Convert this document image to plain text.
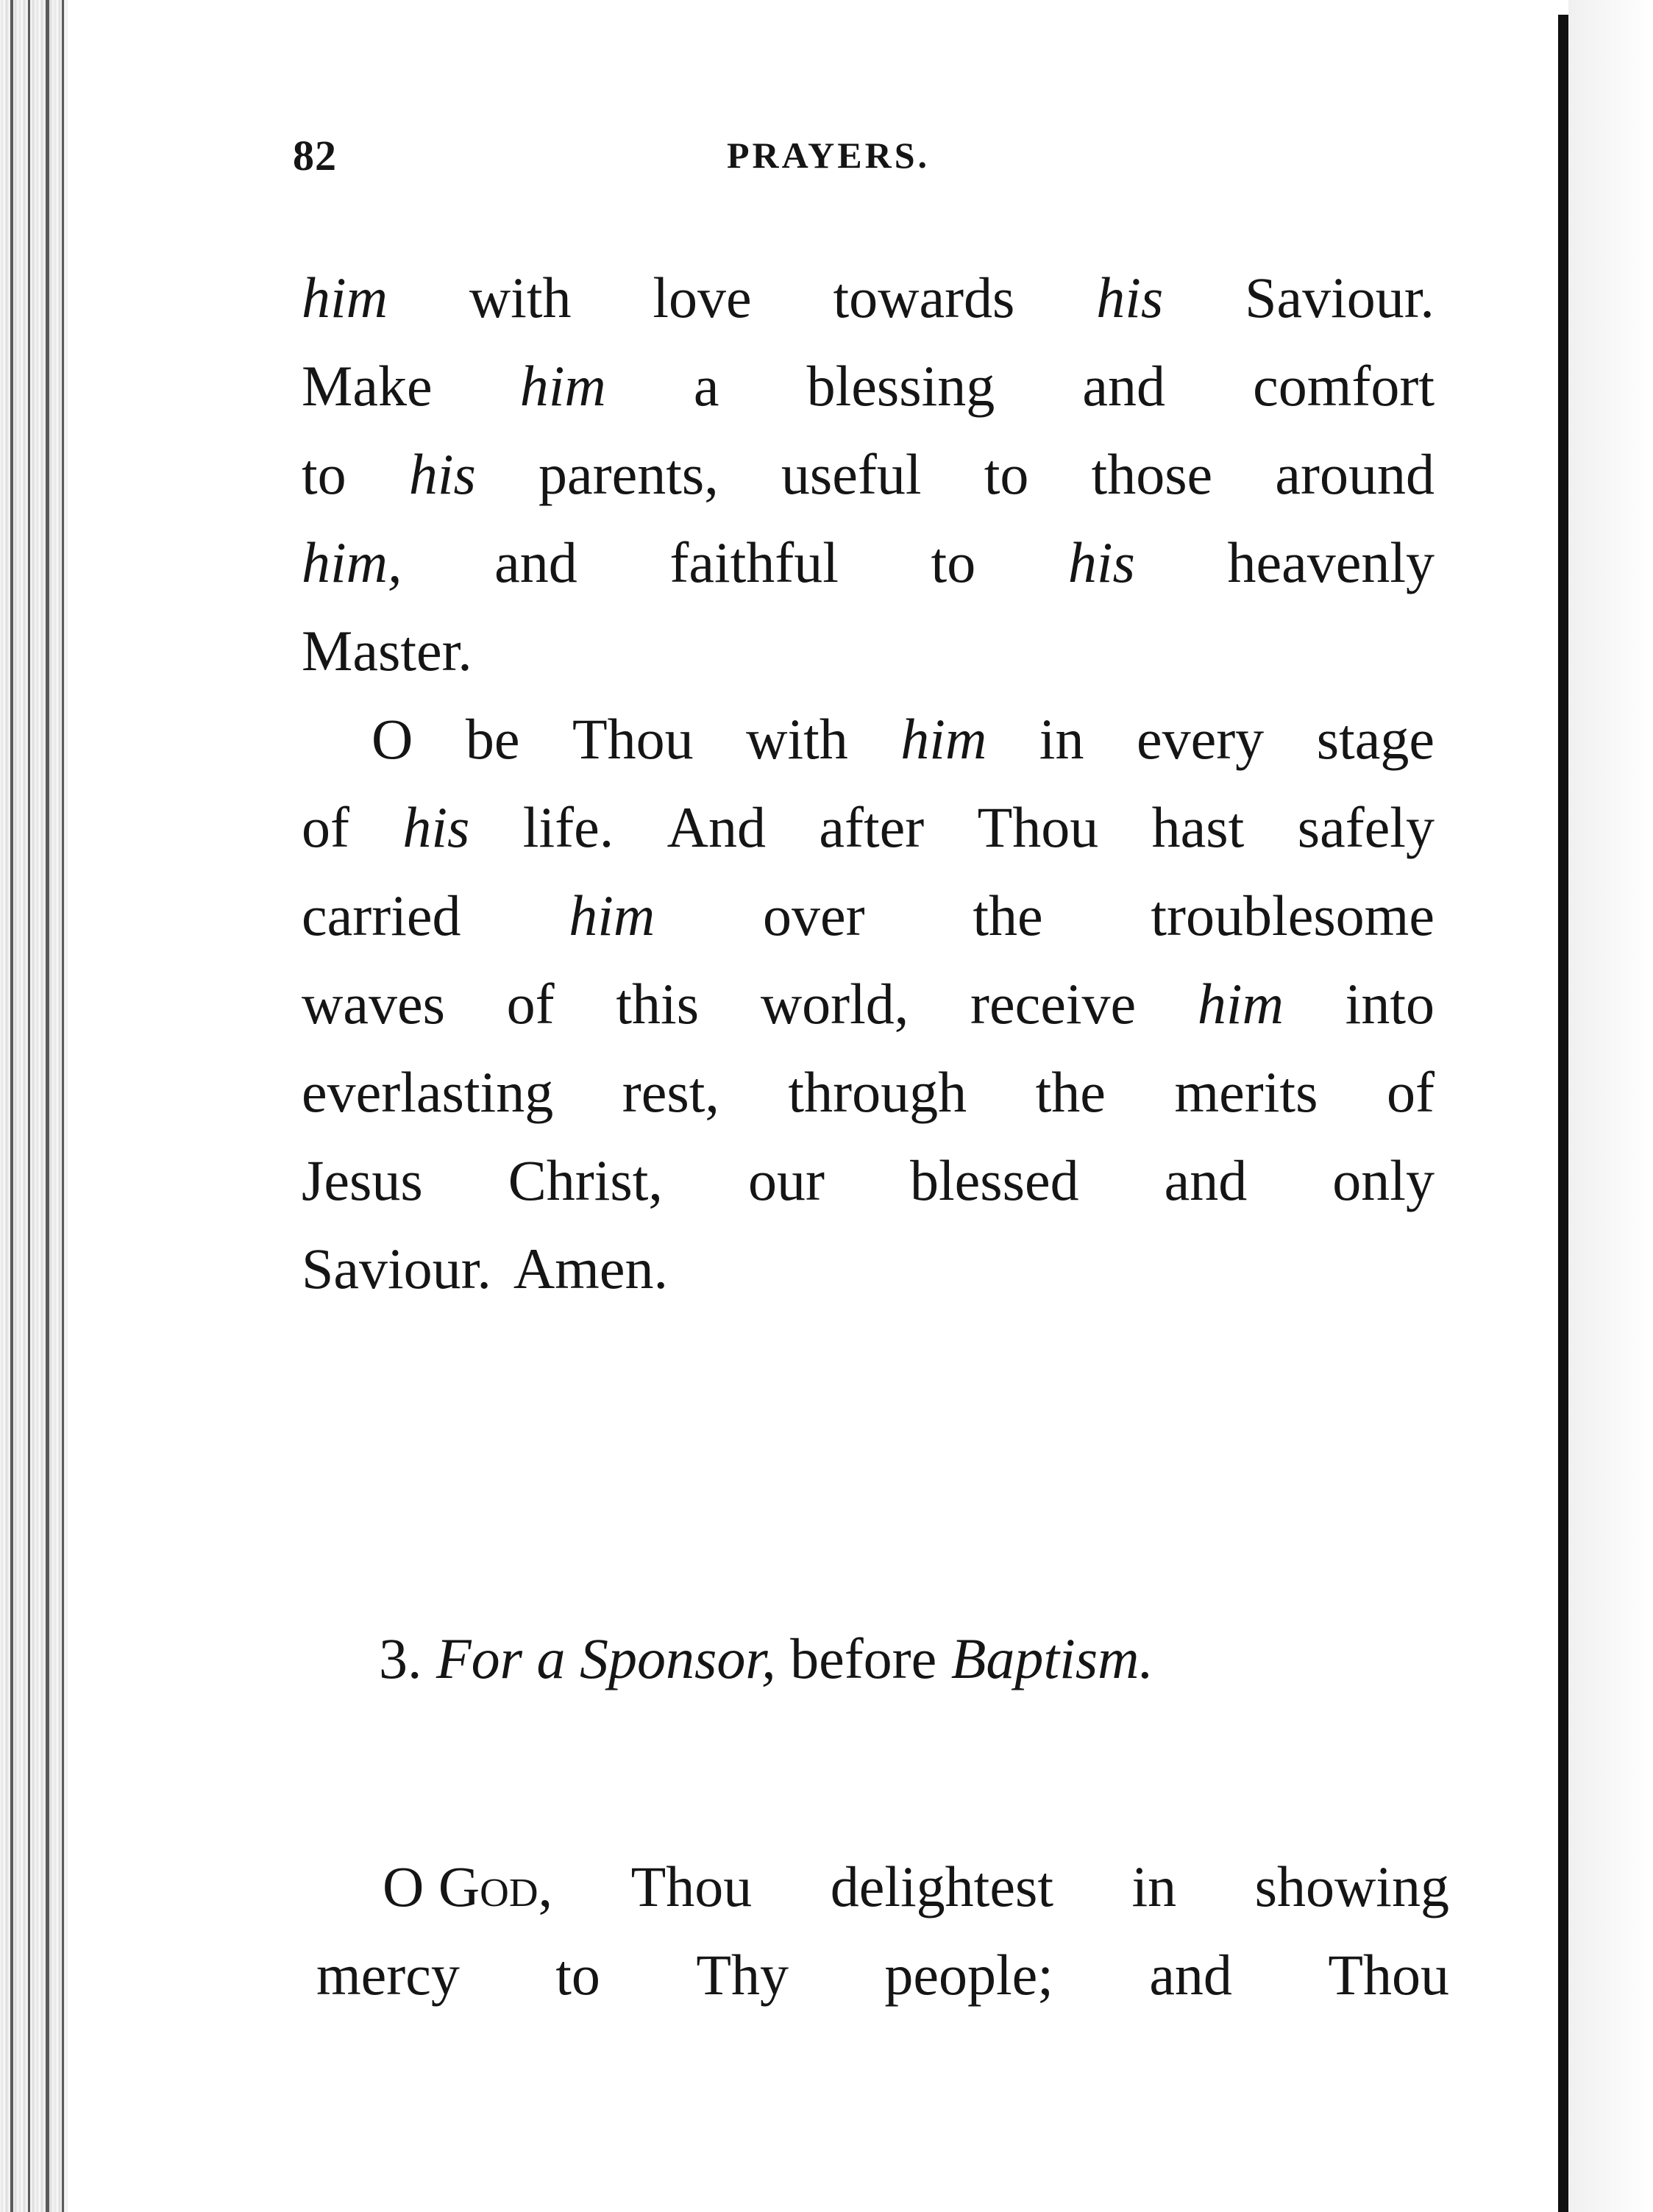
82	PRAYERS.
him with love towards his Saviour.
Make him a blessing and comfort
to his parents, useful to those around
him, and faithful to his heavenly
Master.
O be Thou with him in every stage
of his life. And after Thou hast safely
carried him over the troublesome
waves of this world, receive him into
everlasting rest, through the merits of
Jesus Christ, our blessed and only
Saviour. Amen.
3. For a Sponsor, before Baptism.
O God, Thou delightest in showing
mercy to Thy people; and Thou
